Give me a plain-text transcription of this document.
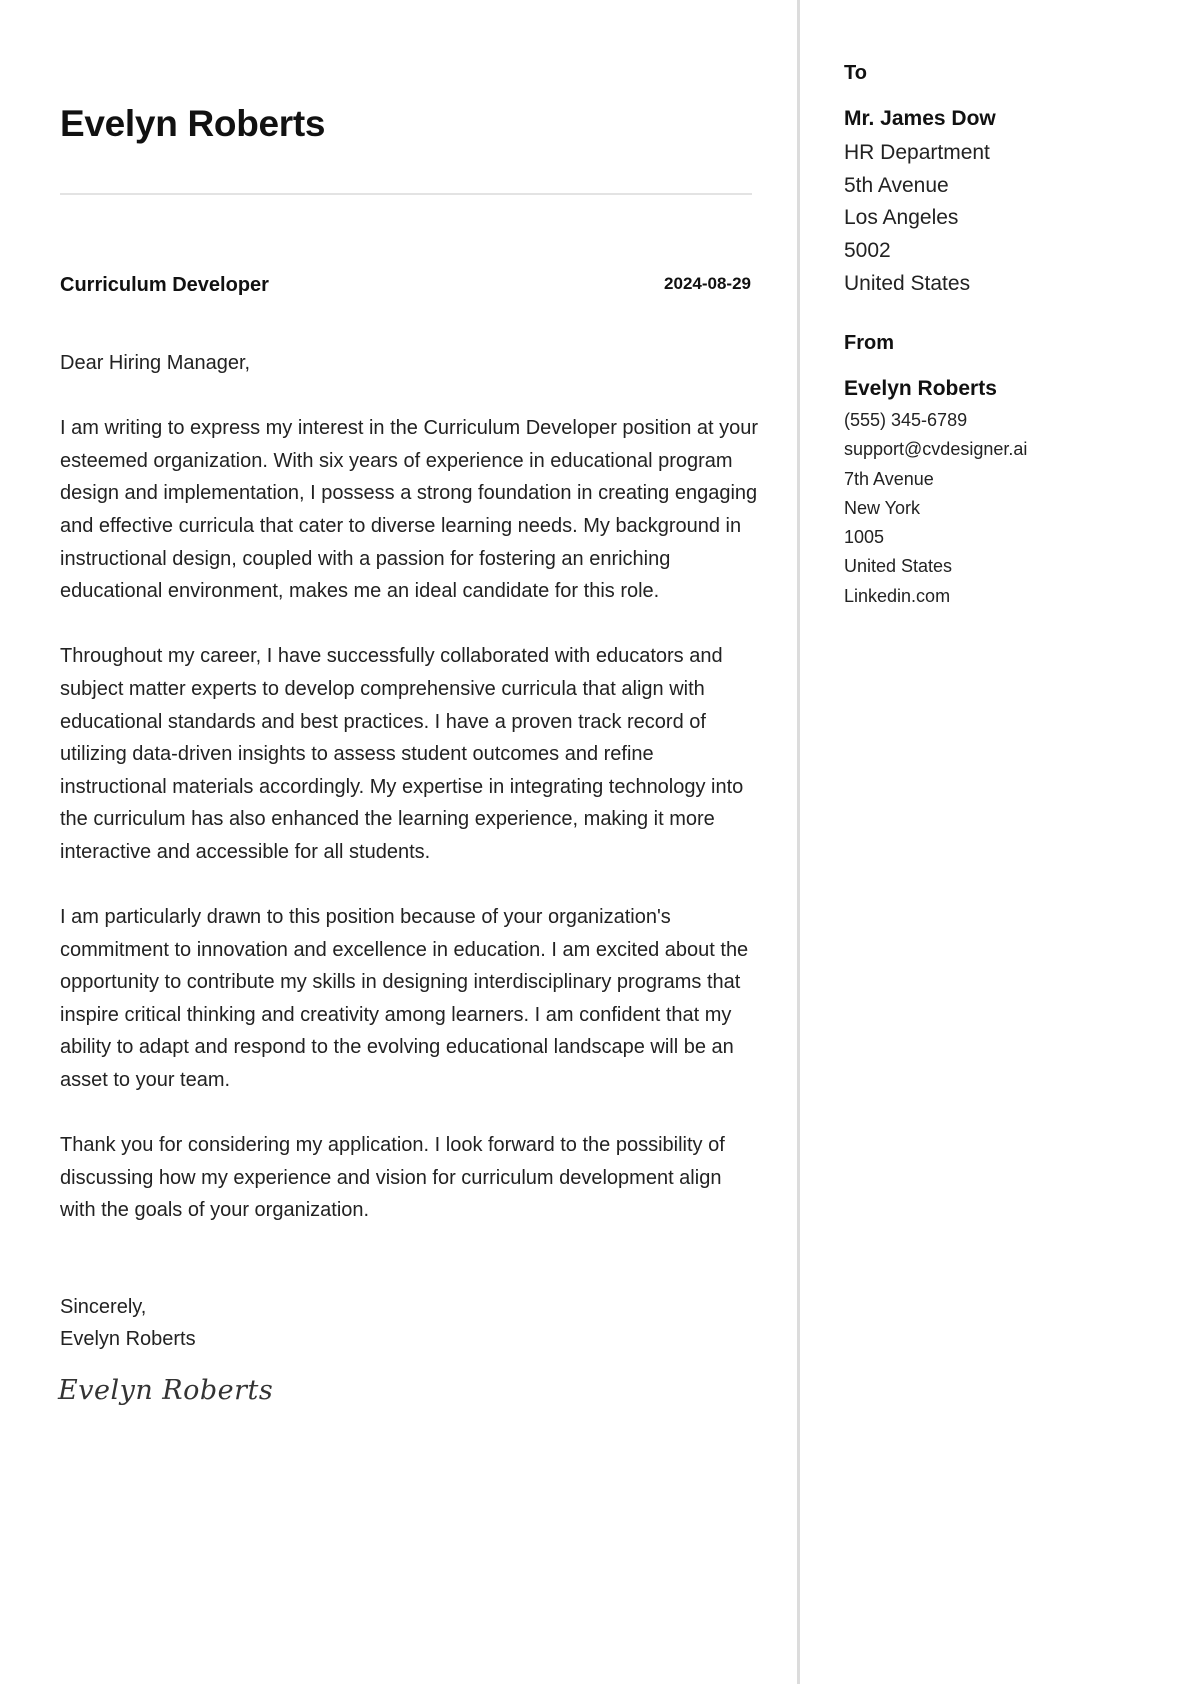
Evelyn Roberts
Curriculum Developer	2024-08-29

Dear Hiring Manager,

I am writing to express my interest in the Curriculum Developer position at your esteemed organization. With six years of experience in educational program design and implementation, I possess a strong foundation in creating engaging and effective curricula that cater to diverse learning needs. My background in instructional design, coupled with a passion for fostering an enriching educational environment, makes me an ideal candidate for this role.

Throughout my career, I have successfully collaborated with educators and subject matter experts to develop comprehensive curricula that align with educational standards and best practices. I have a proven track record of utilizing data-driven insights to assess student outcomes and refine instructional materials accordingly. My expertise in integrating technology into the curriculum has also enhanced the learning experience, making it more interactive and accessible for all students.

I am particularly drawn to this position because of your organization's commitment to innovation and excellence in education. I am excited about the opportunity to contribute my skills in designing interdisciplinary programs that inspire critical thinking and creativity among learners. I am confident that my ability to adapt and respond to the evolving educational landscape will be an asset to your team.

Thank you for considering my application. I look forward to the possibility of discussing how my experience and vision for curriculum development align with the goals of your organization.

Sincerely,
Evelyn Roberts
Evelyn Roberts
To
Mr. James Dow
HR Department
5th Avenue
Los Angeles
5002
United States
From
Evelyn Roberts
(555) 345-6789
support@cvdesigner.ai
7th Avenue
New York
1005
United States
Linkedin.com
